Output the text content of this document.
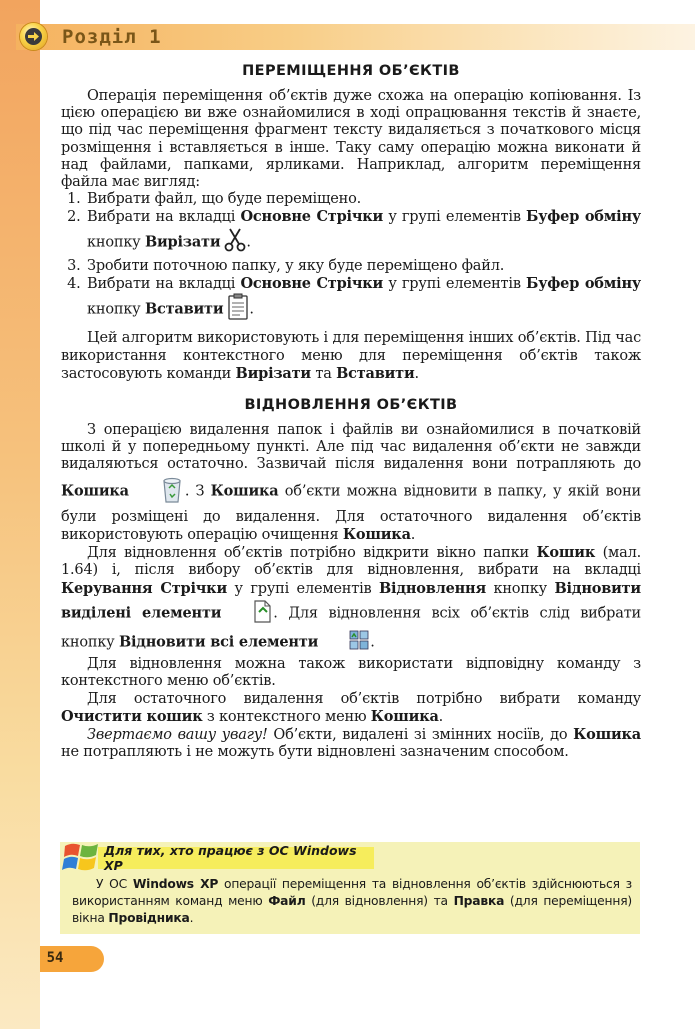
Розділ 1
ПЕРЕМІЩЕННЯ ОБ’ЄКТІВ

Операція переміщення об’єктів дуже схожа на операцію копіювання. Із цією операцією ви вже ознайомилися в ході опрацювання текстів й знаєте, що під час переміщення фрагмент тексту видаляється з початкового місця розміщення і вставляється в інше. Таку саму операцію можна виконати й над файлами, папками, ярликами. Наприклад, алгоритм переміщення файла має вигляд:

1. Вибрати файл, що буде переміщено.
2. Вибрати на вкладці Основне Стрічки у групі елементів Буфер обміну кнопку Вирізати .
3. Зробити поточною папку, у яку буде переміщено файл.
4. Вибрати на вкладці Основне Стрічки у групі елементів Буфер обміну кнопку Вставити .

Цей алгоритм використовують і для переміщення інших об’єктів. Під час використання контекстного меню для переміщення об’єктів також застосовують команди Вирізати та Вставити.

ВІДНОВЛЕННЯ ОБ’ЄКТІВ

З операцією видалення папок і файлів ви ознайомилися в початковій школі й у попередньому пункті. Але під час видалення об’єкти не завжди видаляються остаточно. Зазвичай після видалення вони потрапляють до Кошика	. З Кошика об’єкти можна відновити в папку, у якій вони були розміщені до видалення. Для остаточного видалення об’єктів використовують операцію очищення Кошика.

Для відновлення об’єктів потрібно відкрити вікно папки Кошик (мал. 1.64) і, після вибору об’єктів для відновлення, вибрати на вкладці Керування Стрічки у групі елементів Відновлення кнопку Відновити виділені елементи	. Для відновлення всіх об’єктів слід вибрати кнопку Відновити всі елементи	.

Для відновлення можна також використати відповідну команду з контекстного меню об’єктів.

Для остаточного видалення об’єктів потрібно вибрати команду Очистити кошик з контекстного меню Кошика.

Звертаємо вашу увагу! Об’єкти, видалені зі змінних носіїв, до Кошика не потрапляють і не можуть бути відновлені зазначеним способом.

Для тих, хто працює з ОС Windows XP
У ОС Windows XP операції переміщення та відновлення об’єктів здійснюються з використанням команд меню Файл (для відновлення) та Правка (для переміщення) вікна Провідника.
54
